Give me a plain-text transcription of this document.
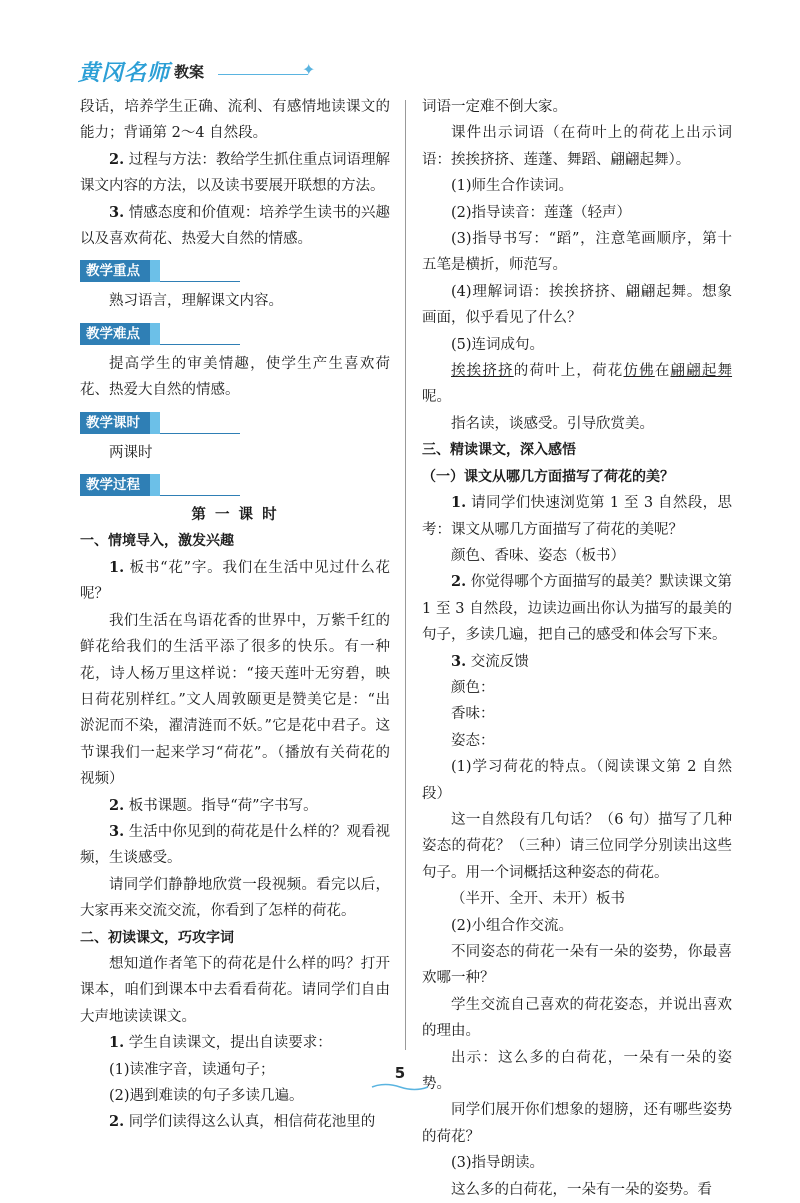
黄冈名师 教案	✦

段话，培养学生正确、流利、有感情地读课文的能力；背诵第 2～4 自然段。

2. 过程与方法：教给学生抓住重点词语理解课文内容的方法，以及读书要展开联想的方法。

3. 情感态度和价值观：培养学生读书的兴趣以及喜欢荷花、热爱大自然的情感。

教学重点

熟习语言，理解课文内容。

教学难点

提高学生的审美情趣，使学生产生喜欢荷花、热爱大自然的情感。

教学课时

两课时

教学过程

第 一 课 时

一、情境导入，激发兴趣

1. 板书“花”字。我们在生活中见过什么花呢？

我们生活在鸟语花香的世界中，万紫千红的鲜花给我们的生活平添了很多的快乐。有一种花，诗人杨万里这样说：“接天莲叶无穷碧，映日荷花别样红。”文人周敦颐更是赞美它是：“出淤泥而不染，濯清涟而不妖。”它是花中君子。这节课我们一起来学习“荷花”。（播放有关荷花的视频）

2. 板书课题。指导“荷”字书写。

3. 生活中你见到的荷花是什么样的？观看视频，生谈感受。

请同学们静静地欣赏一段视频。看完以后，大家再来交流交流，你看到了怎样的荷花。

二、初读课文，巧攻字词

想知道作者笔下的荷花是什么样的吗？打开课本，咱们到课本中去看看荷花。请同学们自由大声地读读课文。

1. 学生自读课文，提出自读要求：

(1)读准字音，读通句子；

(2)遇到难读的句子多读几遍。

2. 同学们读得这么认真，相信荷花池里的

词语一定难不倒大家。

课件出示词语（在荷叶上的荷花上出示词语：挨挨挤挤、莲蓬、舞蹈、翩翩起舞）。

(1)师生合作读词。

(2)指导读音：莲蓬（轻声）

(3)指导书写：“蹈”，注意笔画顺序，第十五笔是横折，师范写。

(4)理解词语：挨挨挤挤、翩翩起舞。想象画面，似乎看见了什么？

(5)连词成句。

挨挨挤挤的荷叶上，荷花仿佛在翩翩起舞呢。

指名读，谈感受。引导欣赏美。

三、精读课文，深入感悟

（一）课文从哪几方面描写了荷花的美？

1. 请同学们快速浏览第 1 至 3 自然段，思考：课文从哪几方面描写了荷花的美呢？

颜色、香味、姿态（板书）

2. 你觉得哪个方面描写的最美？默读课文第 1 至 3 自然段，边读边画出你认为描写的最美的句子，多读几遍，把自己的感受和体会写下来。

3. 交流反馈

颜色：

香味：

姿态：

(1)学习荷花的特点。（阅读课文第 2 自然段）

这一自然段有几句话？（6 句）描写了几种姿态的荷花？（三种）请三位同学分别读出这些句子。用一个词概括这种姿态的荷花。

（半开、全开、未开）板书

(2)小组合作交流。

不同姿态的荷花一朵有一朵的姿势，你最喜欢哪一种？

学生交流自己喜欢的荷花姿态，并说出喜欢的理由。

出示：这么多的白荷花，一朵有一朵的姿势。

同学们展开你们想象的翅膀，还有哪些姿势的荷花？

(3)指导朗读。

这么多的白荷花，一朵有一朵的姿势。看

5
